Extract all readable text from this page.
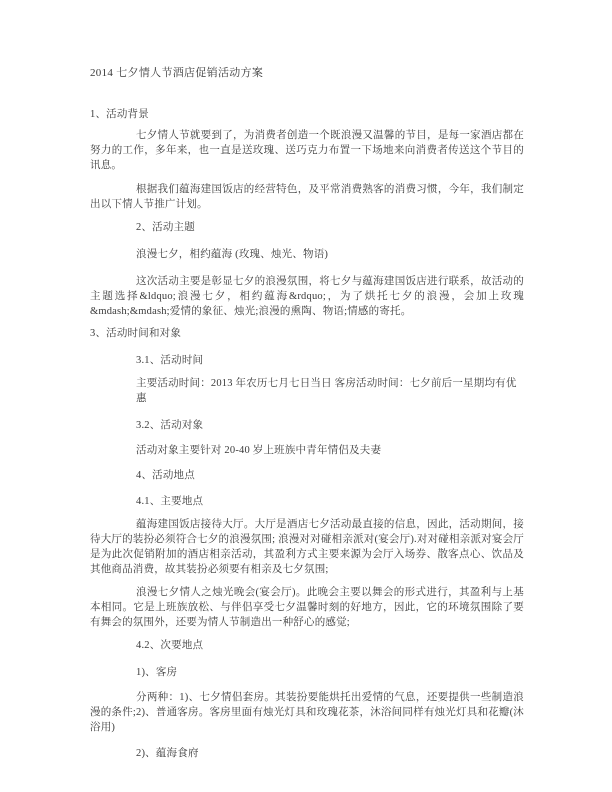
2014 七夕情人节酒店促销活动方案
1、活动背景

七夕情人节就要到了，为消费者创造一个既浪漫又温馨的节目，是每一家酒店都在努力的工作，多年来，也一直是送玫瑰、送巧克力布置一下场地来向消费者传送这个节目的讯息。

根据我们蕴海建国饭店的经营特色，及平常消费熟客的消费习惯，今年，我们制定出以下情人节推广计划。

2、活动主题
浪漫七夕，相约蕴海 (玫瑰、烛光、物语)

这次活动主要是彰显七夕的浪漫氛围，将七夕与蕴海建国饭店进行联系，故活动的主题选择&ldquo;浪漫七夕，相约蕴海&rdquo;，为了烘托七夕的浪漫，会加上玫瑰&mdash;&mdash;爱情的象征、烛光;浪漫的熏陶、物语;情感的寄托。

3、活动时间和对象
3.1、活动时间
主要活动时间：2013 年农历七月七日当日 客房活动时间：七夕前后一星期均有优惠
3.2、活动对象
活动对象主要针对 20-40 岁上班族中青年情侣及夫妻
4、活动地点
4.1、主要地点

蕴海建国饭店接待大厅。大厅是酒店七夕活动最直接的信息，因此，活动期间，接待大厅的装扮必须符合七夕的浪漫氛围; 浪漫对对碰相亲派对(宴会厅).对对碰相亲派对宴会厅是为此次促销附加的酒店相亲活动，其盈利方式主要来源为会厅入场券、散客点心、饮品及其他商品消费，故其装扮必须要有相亲及七夕氛围;

浪漫七夕情人之烛光晚会(宴会厅)。此晚会主要以舞会的形式进行，其盈利与上基本相同。它是上班族放松、与伴侣享受七夕温馨时刻的好地方，因此，它的环境氛围除了要有舞会的氛围外，还要为情人节制造出一种舒心的感觉;

4.2、次要地点
1)、客房

分两种：1)、七夕情侣套房。其装扮要能烘托出爱情的气息，还要提供一些制造浪漫的条件;2)、普通客房。客房里面有烛光灯具和玫瑰花茶，沐浴间同样有烛光灯具和花瓣(沐浴用)

2)、蕴海食府
